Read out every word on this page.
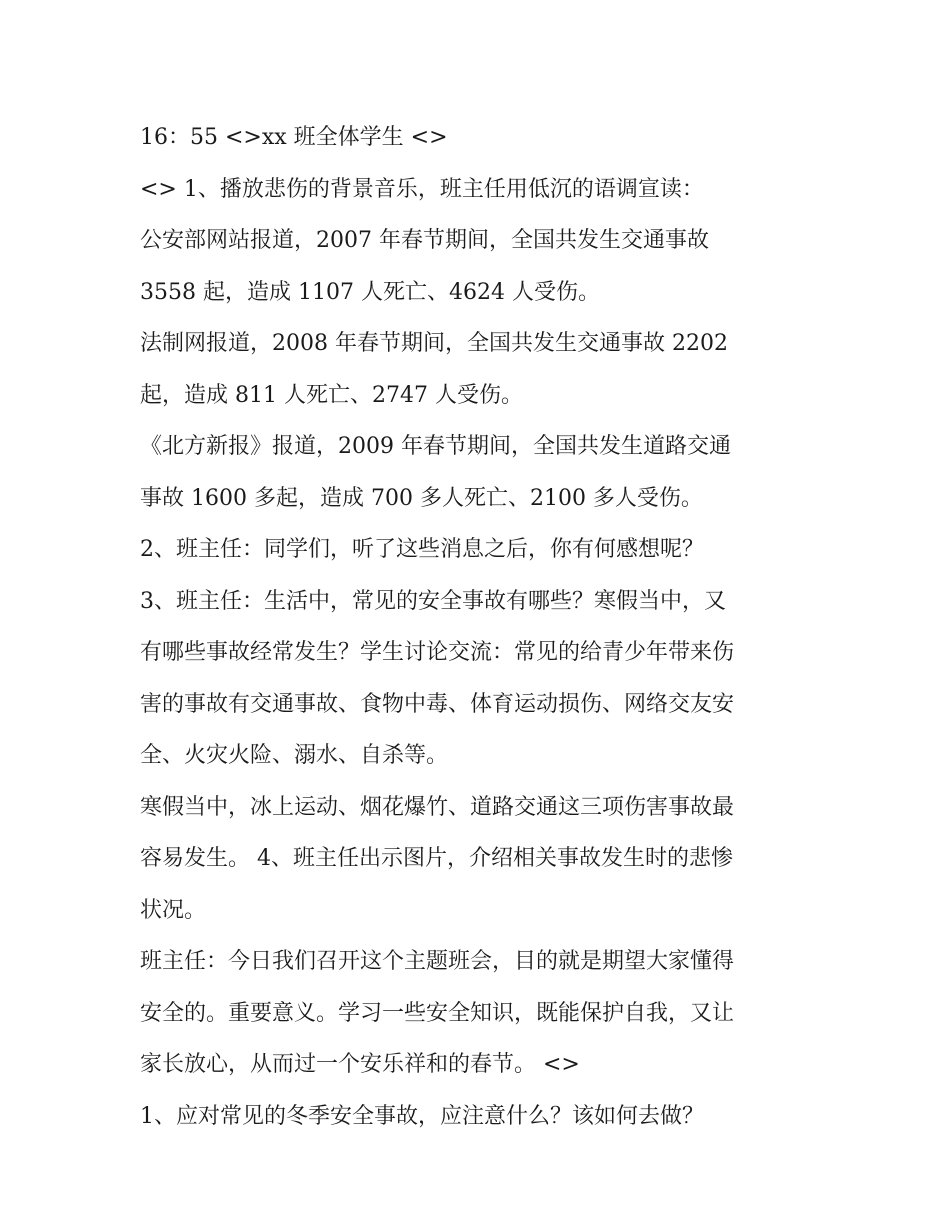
16：55 <>xx 班全体学生 <>

<> 1、播放悲伤的背景音乐，班主任用低沉的语调宣读：

公安部网站报道，2007 年春节期间，全国共发生交通事故

3558 起，造成 1107 人死亡、4624 人受伤。

法制网报道，2008 年春节期间，全国共发生交通事故 2202

起，造成 811 人死亡、2747 人受伤。

《北方新报》报道，2009 年春节期间，全国共发生道路交通

事故 1600 多起，造成 700 多人死亡、2100 多人受伤。

2、班主任：同学们，听了这些消息之后，你有何感想呢？

3、班主任：生活中，常见的安全事故有哪些？寒假当中，又

有哪些事故经常发生？学生讨论交流：常见的给青少年带来伤

害的事故有交通事故、食物中毒、体育运动损伤、网络交友安

全、火灾火险、溺水、自杀等。

寒假当中，冰上运动、烟花爆竹、道路交通这三项伤害事故最

容易发生。 4、班主任出示图片，介绍相关事故发生时的悲惨

状况。

班主任：今日我们召开这个主题班会，目的就是期望大家懂得

安全的。重要意义。学习一些安全知识，既能保护自我，又让

家长放心，从而过一个安乐祥和的春节。 <>

1、应对常见的冬季安全事故，应注意什么？该如何去做？
